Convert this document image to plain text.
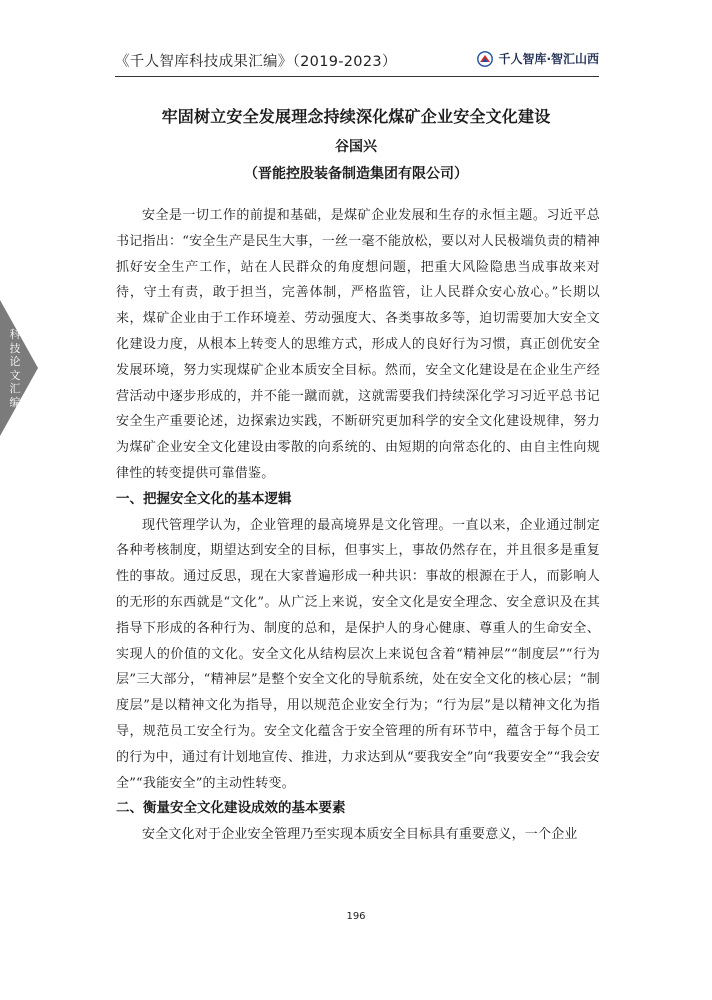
《千人智库科技成果汇编》（2019-2023）	千人智库·智汇山西
科技论文汇编
牢固树立安全发展理念持续深化煤矿企业安全文化建设
谷国兴
（晋能控股装备制造集团有限公司）

安全是一切工作的前提和基础，是煤矿企业发展和生存的永恒主题。习近平总书记指出：“安全生产是民生大事，一丝一毫不能放松，要以对人民极端负责的精神抓好安全生产工作，站在人民群众的角度想问题，把重大风险隐患当成事故来对待，守土有责，敢于担当，完善体制，严格监管，让人民群众安心放心。”长期以来，煤矿企业由于工作环境差、劳动强度大、各类事故多等，迫切需要加大安全文化建设力度，从根本上转变人的思维方式，形成人的良好行为习惯，真正创优安全发展环境，努力实现煤矿企业本质安全目标。然而，安全文化建设是在企业生产经营活动中逐步形成的，并不能一蹴而就，这就需要我们持续深化学习习近平总书记安全生产重要论述，边探索边实践，不断研究更加科学的安全文化建设规律，努力为煤矿企业安全文化建设由零散的向系统的、由短期的向常态化的、由自主性向规律性的转变提供可靠借鉴。

一、把握安全文化的基本逻辑

现代管理学认为，企业管理的最高境界是文化管理。一直以来，企业通过制定各种考核制度，期望达到安全的目标，但事实上，事故仍然存在，并且很多是重复性的事故。通过反思，现在大家普遍形成一种共识：事故的根源在于人，而影响人的无形的东西就是“文化”。从广泛上来说，安全文化是安全理念、安全意识及在其指导下形成的各种行为、制度的总和，是保护人的身心健康、尊重人的生命安全、实现人的价值的文化。安全文化从结构层次上来说包含着“精神层”“制度层”“行为层”三大部分，“精神层”是整个安全文化的导航系统，处在安全文化的核心层；“制度层”是以精神文化为指导，用以规范企业安全行为；“行为层”是以精神文化为指导，规范员工安全行为。安全文化蕴含于安全管理的所有环节中，蕴含于每个员工的行为中，通过有计划地宣传、推进，力求达到从“要我安全”向“我要安全”“我会安全”“我能安全”的主动性转变。

二、衡量安全文化建设成效的基本要素

安全文化对于企业安全管理乃至实现本质安全目标具有重要意义，一个企业

196
